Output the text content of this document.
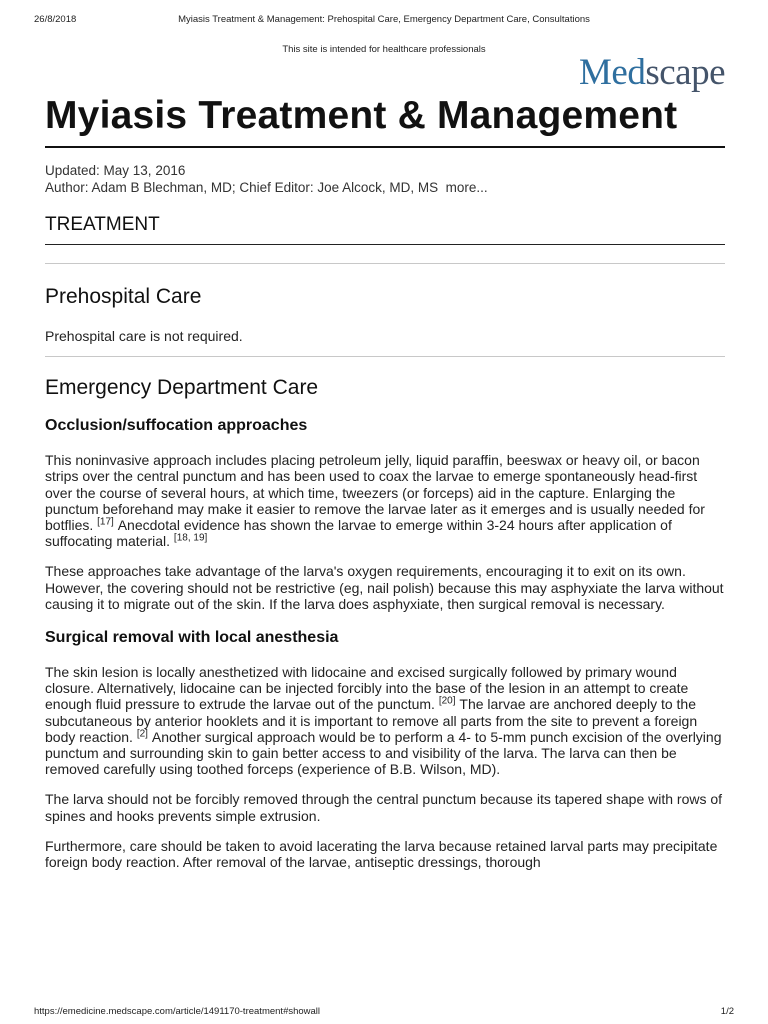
26/8/2018	Myiasis Treatment & Management: Prehospital Care, Emergency Department Care, Consultations
This site is intended for healthcare professionals
Medscape
Myiasis Treatment & Management
Updated: May 13, 2016
Author: Adam B Blechman, MD; Chief Editor: Joe Alcock, MD, MS more...
TREATMENT
Prehospital Care

Prehospital care is not required.

Emergency Department Care
Occlusion/suffocation approaches

This noninvasive approach includes placing petroleum jelly, liquid paraffin, beeswax or heavy oil, or bacon strips over the central punctum and has been used to coax the larvae to emerge spontaneously head-first over the course of several hours, at which time, tweezers (or forceps) aid in the capture. Enlarging the punctum beforehand may make it easier to remove the larvae later as it emerges and is usually needed for botflies. [17] Anecdotal evidence has shown the larvae to emerge within 3-24 hours after application of suffocating material. [18, 19]

These approaches take advantage of the larva's oxygen requirements, encouraging it to exit on its own. However, the covering should not be restrictive (eg, nail polish) because this may asphyxiate the larva without causing it to migrate out of the skin. If the larva does asphyxiate, then surgical removal is necessary.

Surgical removal with local anesthesia

The skin lesion is locally anesthetized with lidocaine and excised surgically followed by primary wound closure. Alternatively, lidocaine can be injected forcibly into the base of the lesion in an attempt to create enough fluid pressure to extrude the larvae out of the punctum. [20] The larvae are anchored deeply to the subcutaneous by anterior hooklets and it is important to remove all parts from the site to prevent a foreign body reaction. [2] Another surgical approach would be to perform a 4- to 5-mm punch excision of the overlying punctum and surrounding skin to gain better access to and visibility of the larva. The larva can then be removed carefully using toothed forceps (experience of B.B. Wilson, MD).

The larva should not be forcibly removed through the central punctum because its tapered shape with rows of spines and hooks prevents simple extrusion.

Furthermore, care should be taken to avoid lacerating the larva because retained larval parts may precipitate foreign body reaction. After removal of the larvae, antiseptic dressings, thorough

https://emedicine.medscape.com/article/1491170-treatment#showall	1/2
